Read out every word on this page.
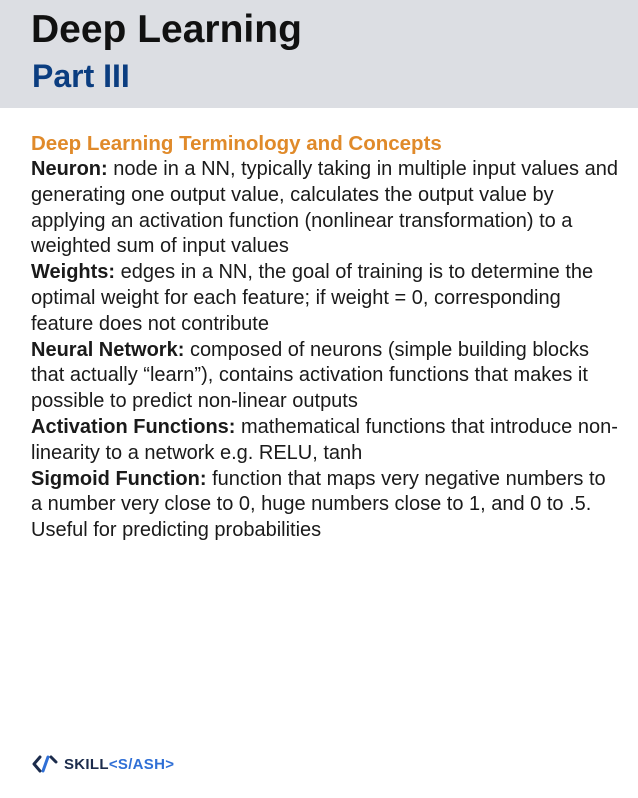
Deep Learning
Part III

Deep Learning Terminology and Concepts

Neuron: node in a NN, typically taking in multiple input values and generating one output value, calculates the output value by applying an activation function (nonlinear transformation) to a weighted sum of input values

Weights: edges in a NN, the goal of training is to determine the optimal weight for each feature; if weight = 0, corresponding feature does not contribute

Neural Network: composed of neurons (simple building blocks that actually “learn”), contains activation functions that makes it possible to predict non-linear outputs

Activation Functions: mathematical functions that introduce non-linearity to a network e.g. RELU, tanh

Sigmoid Function: function that maps very negative numbers to a number very close to 0, huge numbers close to 1, and 0 to .5. Useful for predicting probabilities

SKILL<S/ASH>
